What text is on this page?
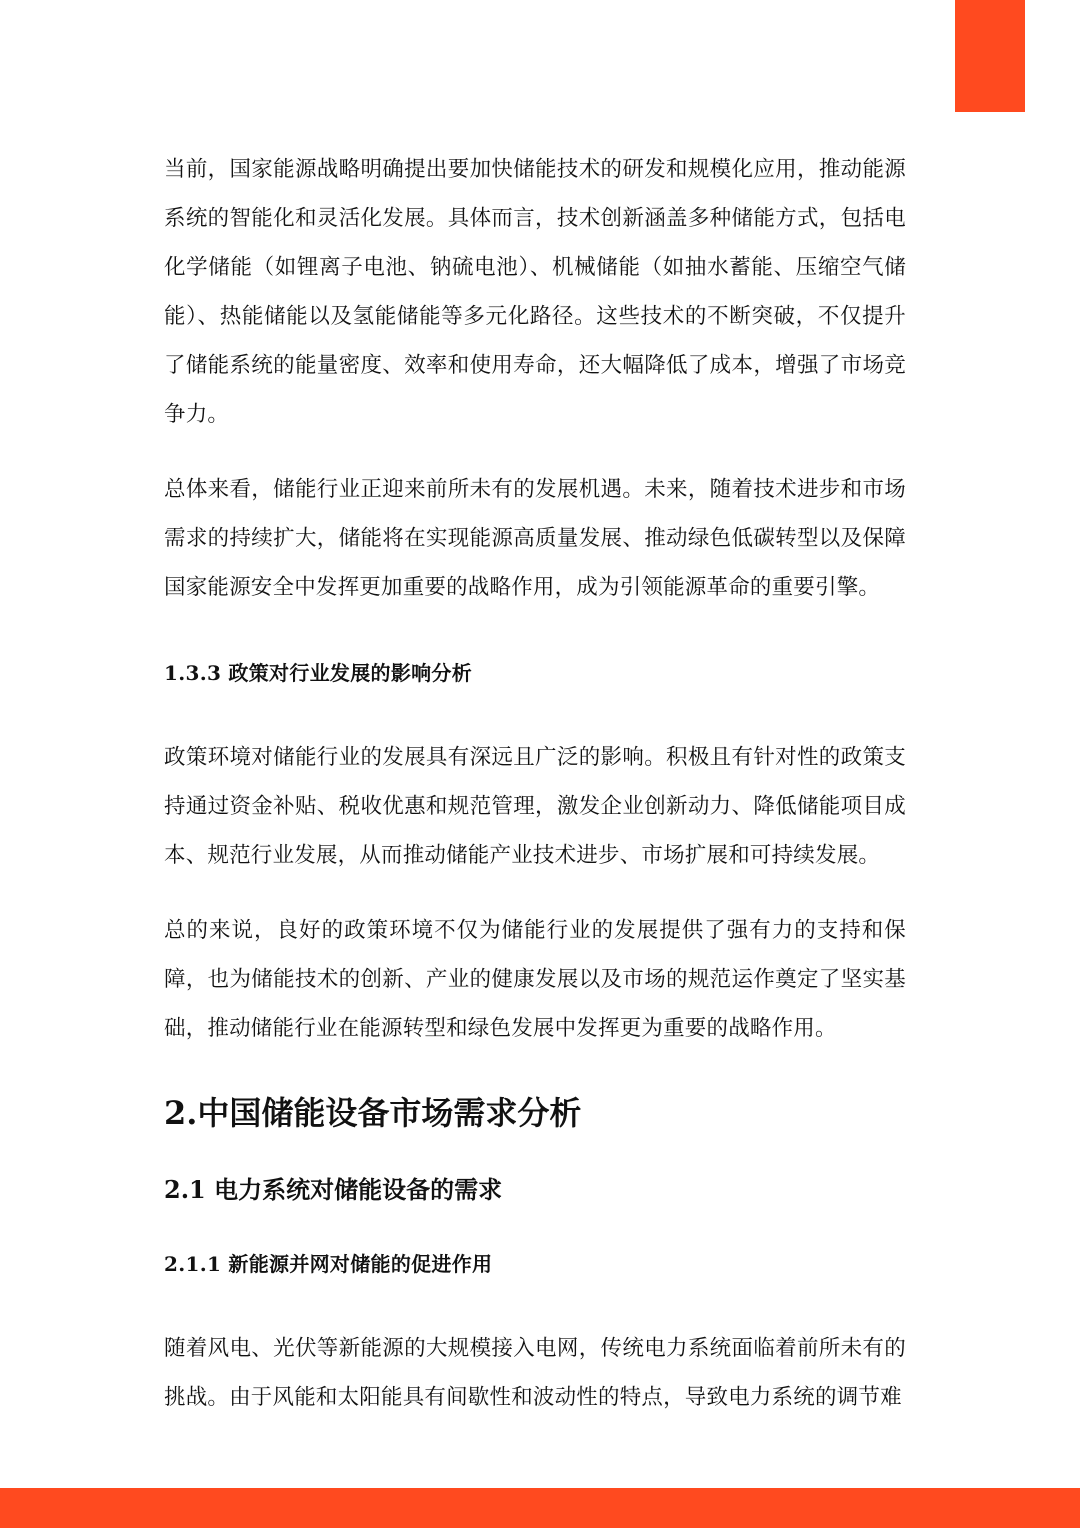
当前，国家能源战略明确提出要加快储能技术的研发和规模化应用，推动能源系统的智能化和灵活化发展。具体而言，技术创新涵盖多种储能方式，包括电化学储能（如锂离子电池、钠硫电池）、机械储能（如抽水蓄能、压缩空气储能）、热能储能以及氢能储能等多元化路径。这些技术的不断突破，不仅提升了储能系统的能量密度、效率和使用寿命，还大幅降低了成本，增强了市场竞争力。

总体来看，储能行业正迎来前所未有的发展机遇。未来，随着技术进步和市场需求的持续扩大，储能将在实现能源高质量发展、推动绿色低碳转型以及保障国家能源安全中发挥更加重要的战略作用，成为引领能源革命的重要引擎。

1.3.3 政策对行业发展的影响分析

政策环境对储能行业的发展具有深远且广泛的影响。积极且有针对性的政策支持通过资金补贴、税收优惠和规范管理，激发企业创新动力、降低储能项目成本、规范行业发展，从而推动储能产业技术进步、市场扩展和可持续发展。

总的来说，良好的政策环境不仅为储能行业的发展提供了强有力的支持和保障，也为储能技术的创新、产业的健康发展以及市场的规范运作奠定了坚实基础，推动储能行业在能源转型和绿色发展中发挥更为重要的战略作用。

2.中国储能设备市场需求分析
2.1 电力系统对储能设备的需求
2.1.1 新能源并网对储能的促进作用

随着风电、光伏等新能源的大规模接入电网，传统电力系统面临着前所未有的挑战。由于风能和太阳能具有间歇性和波动性的特点，导致电力系统的调节难
